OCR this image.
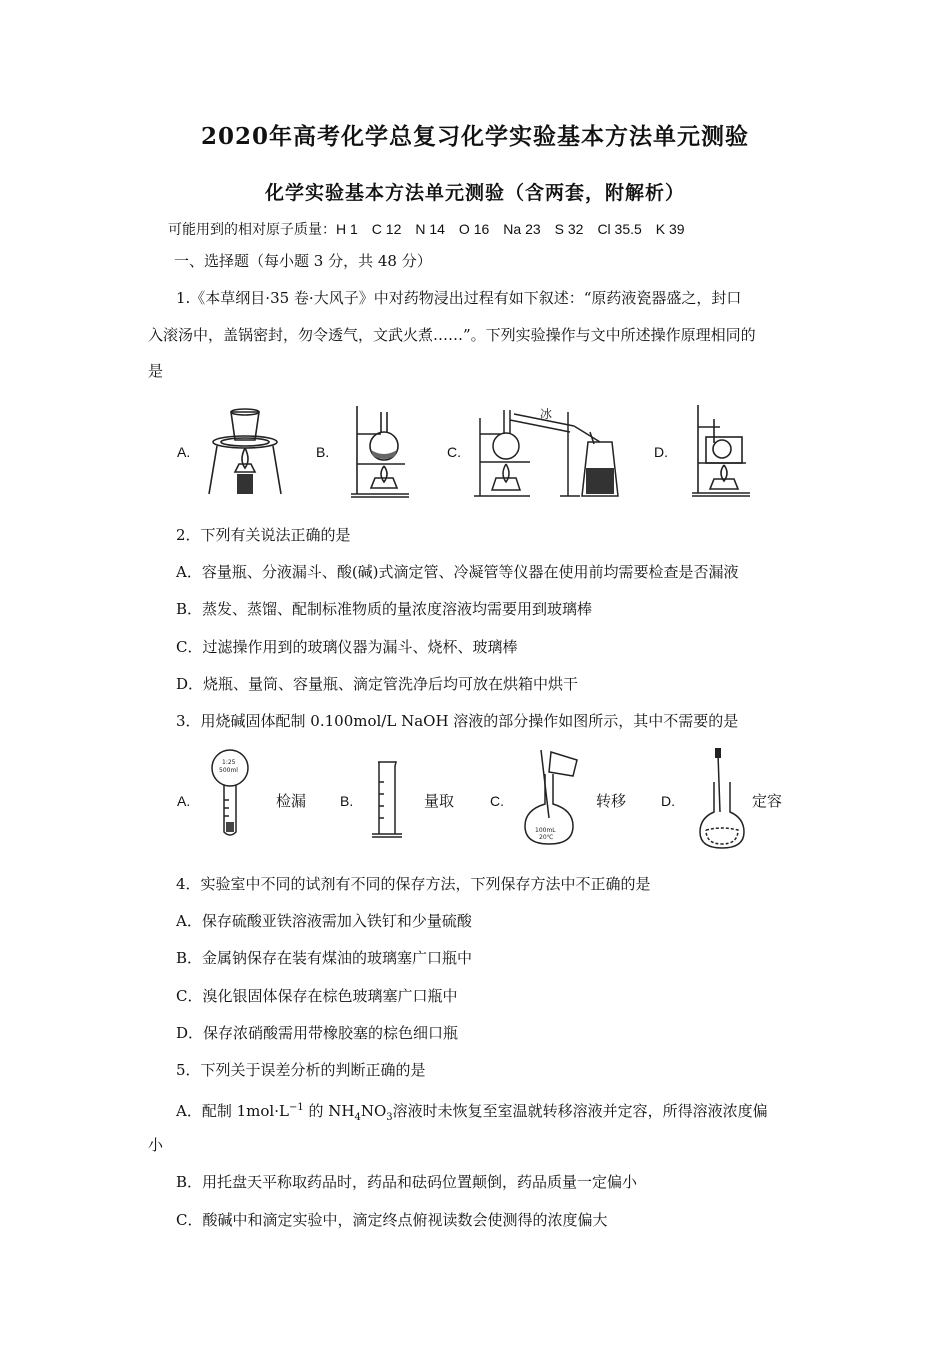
2020年高考化学总复习化学实验基本方法单元测验
化学实验基本方法单元测验（含两套，附解析）
可能用到的相对原子质量：H 1　C 12　N 14　O 16　Na 23　S 32　Cl 35.5　K 39
一、选择题（每小题 3 分，共 48 分）
1.《本草纲目·35 卷·大风子》中对药物浸出过程有如下叙述：“原药液瓷器盛之，封口
入滚汤中，盖锅密封，勿令透气，文武火煮……”。下列实验操作与文中所述操作原理相同的
是
A.	B.	C.	D.
冰
2．下列有关说法正确的是
A．容量瓶、分液漏斗、酸(碱)式滴定管、冷凝管等仪器在使用前均需要检查是否漏液
B．蒸发、蒸馏、配制标准物质的量浓度溶液均需要用到玻璃棒
C．过滤操作用到的玻璃仪器为漏斗、烧杯、玻璃棒
D．烧瓶、量筒、容量瓶、滴定管洗净后均可放在烘箱中烘干
3．用烧碱固体配制 0.100mol/L NaOH 溶液的部分操作如图所示，其中不需要的是
A.	检漏 B.	量取	C.	转移 D.	定容
1:25
500ml
100mL
20℃
4．实验室中不同的试剂有不同的保存方法，下列保存方法中不正确的是
A．保存硫酸亚铁溶液需加入铁钉和少量硫酸
B．金属钠保存在装有煤油的玻璃塞广口瓶中
C．溴化银固体保存在棕色玻璃塞广口瓶中
D．保存浓硝酸需用带橡胶塞的棕色细口瓶
5．下列关于误差分析的判断正确的是
A．配制 $1mol\cdot L^{-1}$ 的 $NH_4NO_3$溶液时未恢复至室温就转移溶液并定容，所得溶液浓度偏
小
B．用托盘天平称取药品时，药品和砝码位置颠倒，药品质量一定偏小
C．酸碱中和滴定实验中，滴定终点俯视读数会使测得的浓度偏大
